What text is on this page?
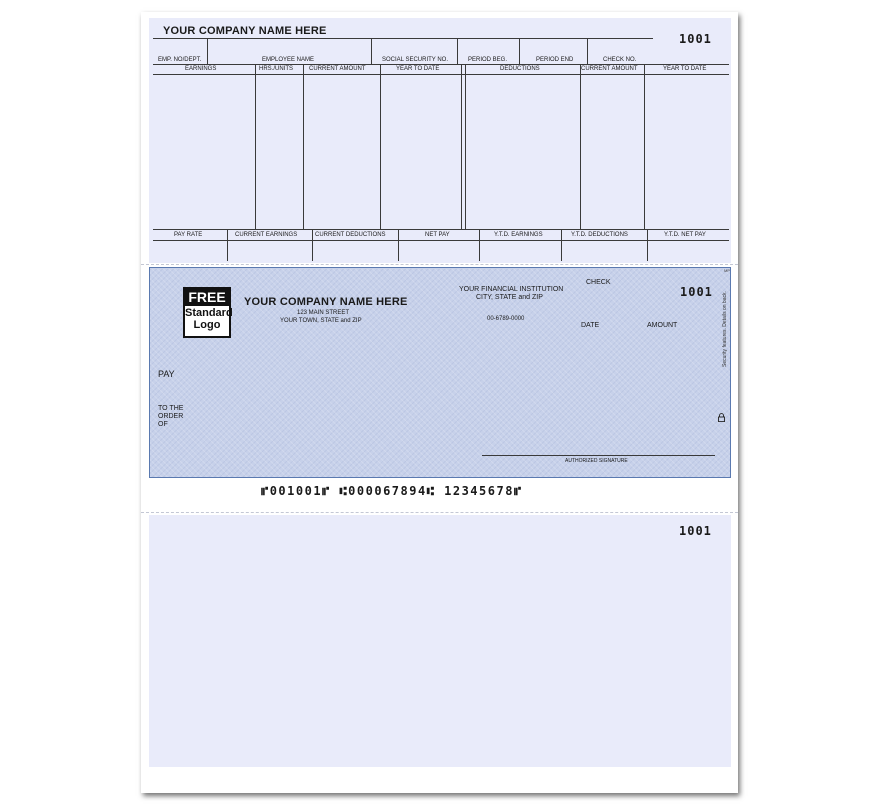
YOUR COMPANY NAME HERE
1001
EMP. NO/DEPT.	EMPLOYEE NAME	SOCIAL SECURITY NO.	PERIOD BEG.	PERIOD END	CHECK NO.
EARNINGS	HRS./UNITS	CURRENT AMOUNT	YEAR TO DATE	DEDUCTIONS	CURRENT AMOUNT	YEAR TO DATE
PAY RATE	CURRENT EARNINGS	CURRENT DEDUCTIONS	NET PAY	Y.T.D. EARNINGS	Y.T.D. DEDUCTIONS	Y.T.D. NET PAY
MP
FREE
Standard
Logo
YOUR COMPANY NAME HERE
123 MAIN STREET
YOUR TOWN, STATE and ZIP
YOUR FINANCIAL INSTITUTION
CITY, STATE and ZIP
00-6789-0000
CHECK
1001
DATE	AMOUNT
PAY
TO THE
ORDER
OF
AUTHORIZED SIGNATURE
Security features. Details on back.
⑈001001⑈ ⑆000067894⑆ 12345678⑈
1001
